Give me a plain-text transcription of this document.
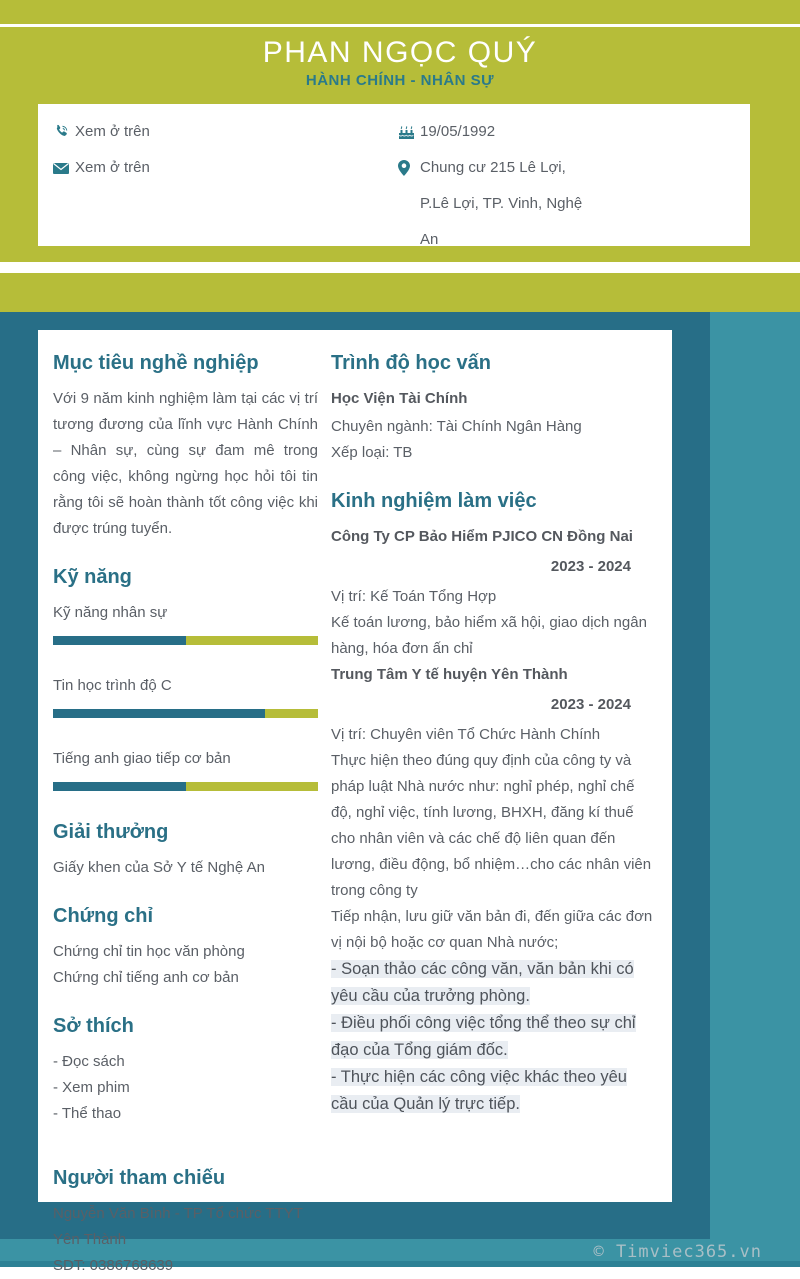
PHAN NGỌC QUÝ
HÀNH CHÍNH - NHÂN SỰ
Xem ở trên
Xem ở trên
19/05/1992
Chung cư 215 Lê Lợi, P.Lê Lợi, TP. Vinh, Nghệ An
Mục tiêu nghề nghiệp
Với 9 năm kinh nghiệm làm tại các vị trí tương đương của lĩnh vực Hành Chính – Nhân sự, cùng sự đam mê trong công việc, không ngừng học hỏi tôi tin rằng tôi sẽ hoàn thành tốt công việc khi được trúng tuyển.
Kỹ năng
Kỹ năng nhân sự
Tin học trình độ C
Tiếng anh giao tiếp cơ bản
Giải thưởng
Giấy khen của Sở Y tế Nghệ An
Chứng chỉ
Chứng chỉ tin học văn phòng
Chứng chỉ tiếng anh cơ bản
Sở thích
- Đọc sách
- Xem phim
- Thể thao
Người tham chiếu
Nguyễn Văn Bình - TP Tổ chức TTYT Yên Thành
SDT: 0386768639
Trình độ học vấn
Học Viện Tài Chính
Chuyên ngành: Tài Chính Ngân Hàng
Xếp loại: TB
Kinh nghiệm làm việc
Công Ty CP Bảo Hiểm PJICO CN Đồng Nai
2023 - 2024
Vị trí: Kế Toán Tổng Hợp
Kế toán lương, bảo hiểm xã hội, giao dịch ngân hàng, hóa đơn ấn chỉ
Trung Tâm Y tế huyện Yên Thành
2023 - 2024
Vị trí: Chuyên viên Tổ Chức Hành Chính
Thực hiện theo đúng quy định của công ty và pháp luật Nhà nước như: nghỉ phép, nghỉ chế độ, nghỉ việc, tính lương, BHXH, đăng kí thuế cho nhân viên và các chế độ liên quan đến lương, điều động, bổ nhiệm…cho các nhân viên trong công ty
Tiếp nhận, lưu giữ văn bản đi, đến giữa các đơn vị nội bộ hoặc cơ quan Nhà nước;
- Soạn thảo các công văn, văn bản khi có yêu cầu của trưởng phòng.
- Điều phối công việc tổng thể theo sự chỉ đạo của Tổng giám đốc.
- Thực hiện các công việc khác theo yêu cầu của Quản lý trực tiếp.
© Timviec365.vn
